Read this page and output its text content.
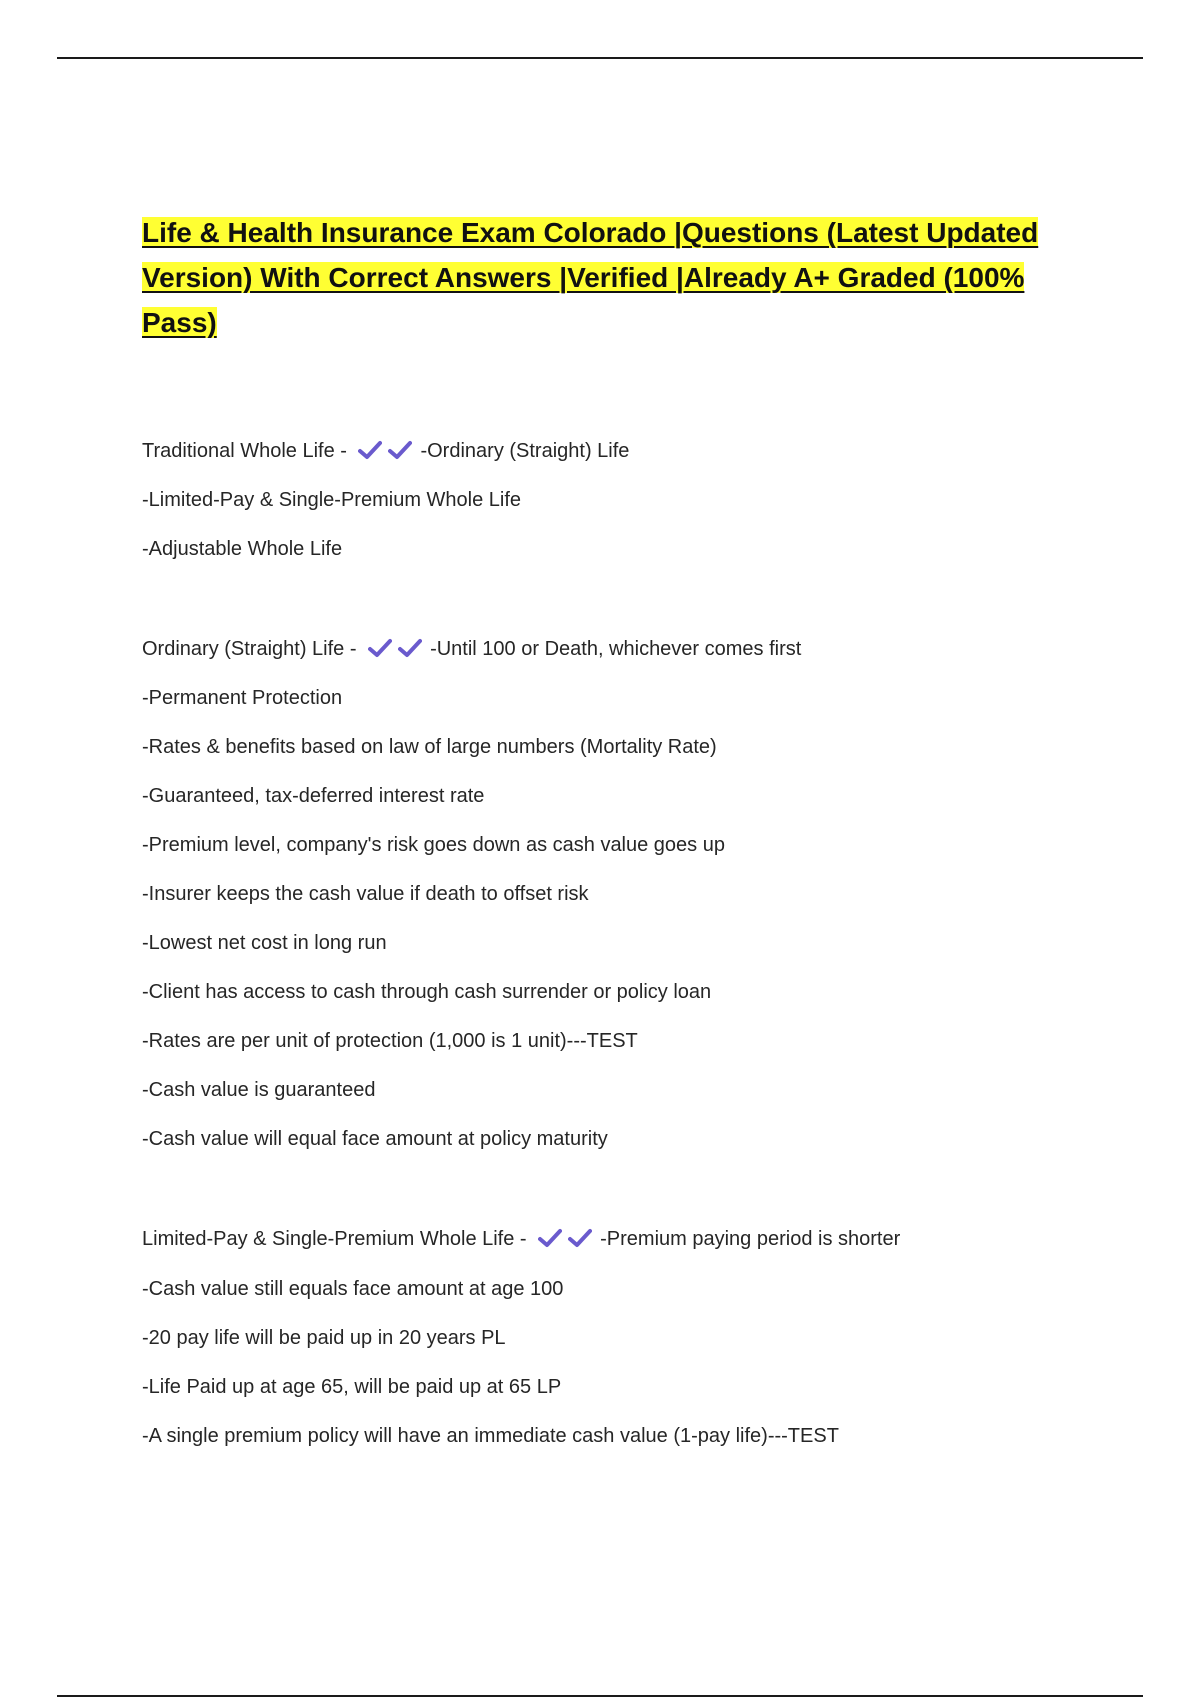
Life & Health Insurance Exam Colorado |Questions (Latest Updated Version) With Correct Answers |Verified |Already A+ Graded (100% Pass)
Traditional Whole Life -	-Ordinary (Straight) Life
-Limited-Pay & Single-Premium Whole Life
-Adjustable Whole Life
Ordinary (Straight) Life -	-Until 100 or Death, whichever comes first
-Permanent Protection
-Rates & benefits based on law of large numbers (Mortality Rate)
-Guaranteed, tax-deferred interest rate
-Premium level, company's risk goes down as cash value goes up
-Insurer keeps the cash value if death to offset risk
-Lowest net cost in long run
-Client has access to cash through cash surrender or policy loan
-Rates are per unit of protection (1,000 is 1 unit)---TEST
-Cash value is guaranteed
-Cash value will equal face amount at policy maturity
Limited-Pay & Single-Premium Whole Life -	-Premium paying period is shorter
-Cash value still equals face amount at age 100
-20 pay life will be paid up in 20 years PL
-Life Paid up at age 65, will be paid up at 65 LP
-A single premium policy will have an immediate cash value (1-pay life)---TEST
